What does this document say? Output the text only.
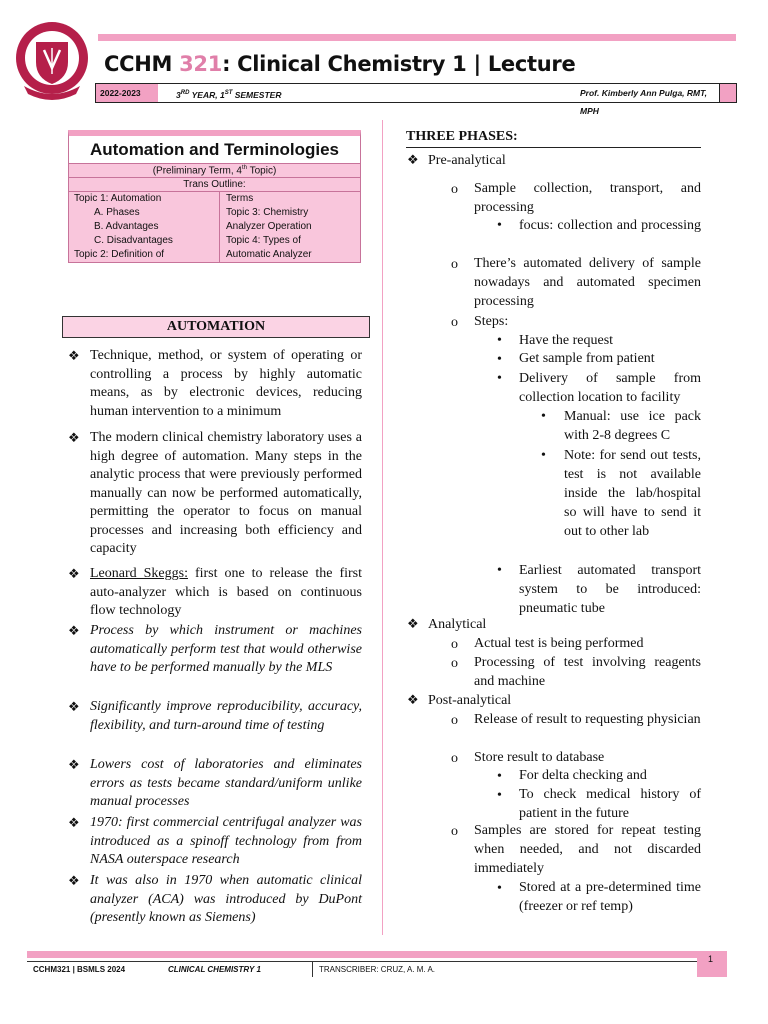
CCHM 321: Clinical Chemistry 1 | Lecture
2022-2023	3RD YEAR, 1ST SEMESTER	Prof. Kimberly Ann Pulga, RMT, MPH
Automation and Terminologies
(Preliminary Term, 4th Topic)
Trans Outline:
Topic 1: Automation
A. Phases
B. Advantages
C. Disadvantages
Topic 2: Definition of
Terms
Topic 3: Chemistry
Analyzer Operation
Topic 4: Types of
Automatic Analyzer
AUTOMATION
❖ Technique, method, or system of operating or controlling a process by highly automatic means, as by electronic devices, reducing human intervention to a minimum
❖ The modern clinical chemistry laboratory uses a high degree of automation. Many steps in the analytic process that were previously performed manually can now be performed automatically, permitting the operator to focus on manual processes and increasing both efficiency and capacity
❖ Leonard Skeggs: first one to release the first auto-analyzer which is based on continuous flow technology
❖ Process by which instrument or machines automatically perform test that would otherwise have to be performed manually by the MLS
❖ Significantly improve reproducibility, accuracy, flexibility, and turn-around time of testing
❖ Lowers cost of laboratories and eliminates errors as tests became standard/uniform unlike manual processes
❖ 1970: first commercial centrifugal analyzer was introduced as a spinoff technology from from NASA outerspace research
❖ It was also in 1970 when automatic clinical analyzer (ACA) was introduced by DuPont (presently known as Siemens)
THREE PHASES:
❖ Pre-analytical
o Sample collection, transport, and processing
• focus: collection and processing
o There’s automated delivery of sample nowadays and automated specimen processing
o Steps:
• Have the request
• Get sample from patient
• Delivery of sample from collection location to facility
• Manual: use ice pack with 2-8 degrees C
• Note: for send out tests, test is not available inside the lab/hospital so will have to send it out to other lab
• Earliest automated transport system to be introduced: pneumatic tube
❖ Analytical
o Actual test is being performed
o Processing of test involving reagents and machine
❖ Post-analytical
o Release of result to requesting physician
o Store result to database
• For delta checking and
• To check medical history of patient in the future
o Samples are stored for repeat testing when needed, and not discarded immediately
• Stored at a pre-determined time (freezer or ref temp)
1
CCHM321 | BSMLS 2024	CLINICAL CHEMISTRY 1	TRANSCRIBER: CRUZ, A. M. A.
